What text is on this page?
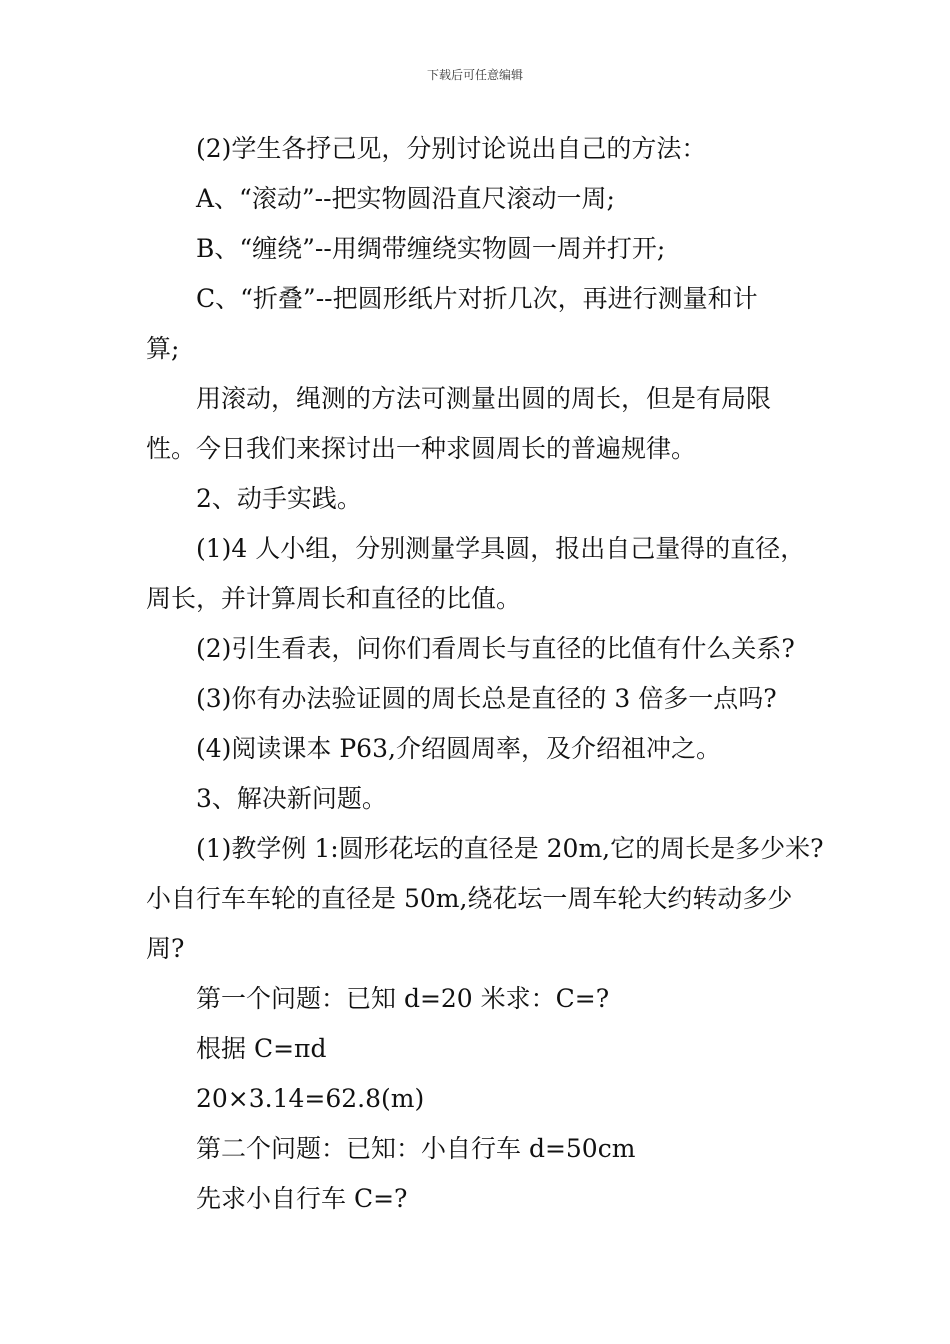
下载后可任意编辑
(2)学生各抒己见，分别讨论说出自己的方法：
A、“滚动”--把实物圆沿直尺滚动一周;
B、“缠绕”--用绸带缠绕实物圆一周并打开;
C、“折叠”--把圆形纸片对折几次，再进行测量和计
算;
用滚动，绳测的方法可测量出圆的周长，但是有局限
性。今日我们来探讨出一种求圆周长的普遍规律。
2、动手实践。
(1)4 人小组，分别测量学具圆，报出自己量得的直径，
周长，并计算周长和直径的比值。
(2)引生看表，问你们看周长与直径的比值有什么关系?
(3)你有办法验证圆的周长总是直径的 3 倍多一点吗?
(4)阅读课本 P63,介绍圆周率，及介绍祖冲之。
3、解决新问题。
(1)教学例 1:圆形花坛的直径是 20m,它的周长是多少米?
小自行车车轮的直径是 50m,绕花坛一周车轮大约转动多少
周?
第一个问题：已知 d=20 米求：C=?
根据 C=πd
20×3.14=62.8(m)
第二个问题：已知：小自行车 d=50cm
先求小自行车 C=?
